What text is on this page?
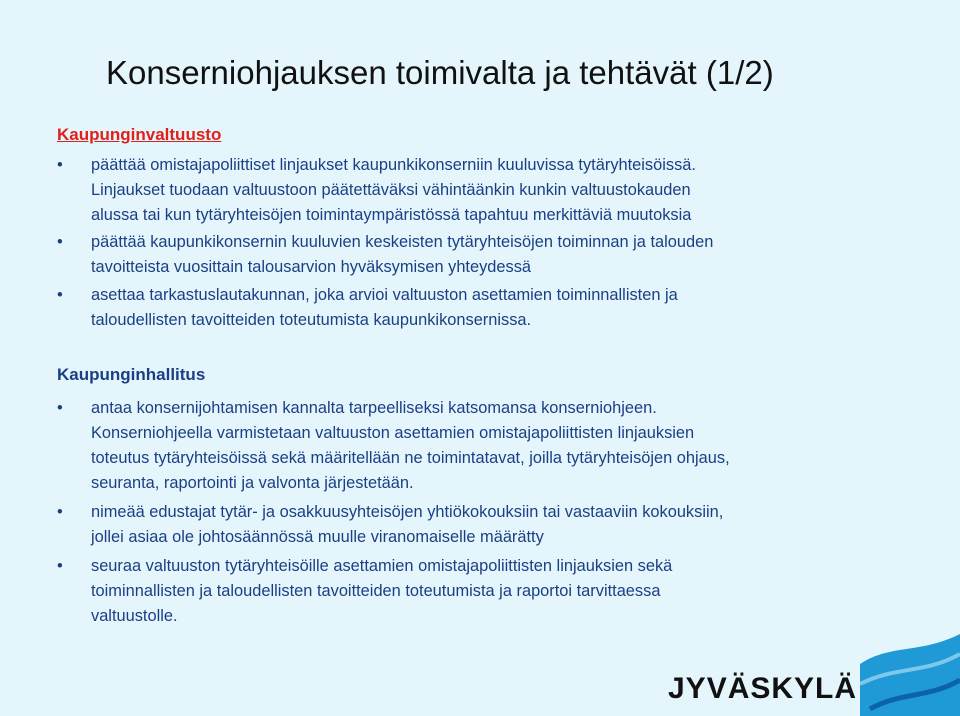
Konserniohjauksen toimivalta ja tehtävät (1/2)
Kaupunginvaltuusto
• päättää omistajapoliittiset linjaukset kaupunkikonserniin kuuluvissa tytäryhteisöissä.
Linjaukset tuodaan valtuustoon päätettäväksi vähintäänkin kunkin valtuustokauden
alussa tai kun tytäryhteisöjen toimintaympäristössä tapahtuu merkittäviä muutoksia
• päättää kaupunkikonsernin kuuluvien keskeisten tytäryhteisöjen toiminnan ja talouden
tavoitteista vuosittain talousarvion hyväksymisen yhteydessä
• asettaa tarkastuslautakunnan, joka arvioi valtuuston asettamien toiminnallisten ja
taloudellisten tavoitteiden toteutumista kaupunkikonsernissa.
Kaupunginhallitus
• antaa konsernijohtamisen kannalta tarpeelliseksi katsomansa konserniohjeen.
Konserniohjeella varmistetaan valtuuston asettamien omistajapoliittisten linjauksien
toteutus tytäryhteisöissä sekä määritellään ne toimintatavat, joilla tytäryhteisöjen ohjaus,
seuranta, raportointi ja valvonta järjestetään.
• nimeää edustajat tytär- ja osakkuusyhteisöjen yhtiökokouksiin tai vastaaviin kokouksiin,
jollei asiaa ole johtosäännössä muulle viranomaiselle määrätty
• seuraa valtuuston tytäryhteisöille asettamien omistajapoliittisten linjauksien sekä
toiminnallisten ja taloudellisten tavoitteiden toteutumista ja raportoi tarvittaessa
valtuustolle.
JYVÄSKYLÄ
